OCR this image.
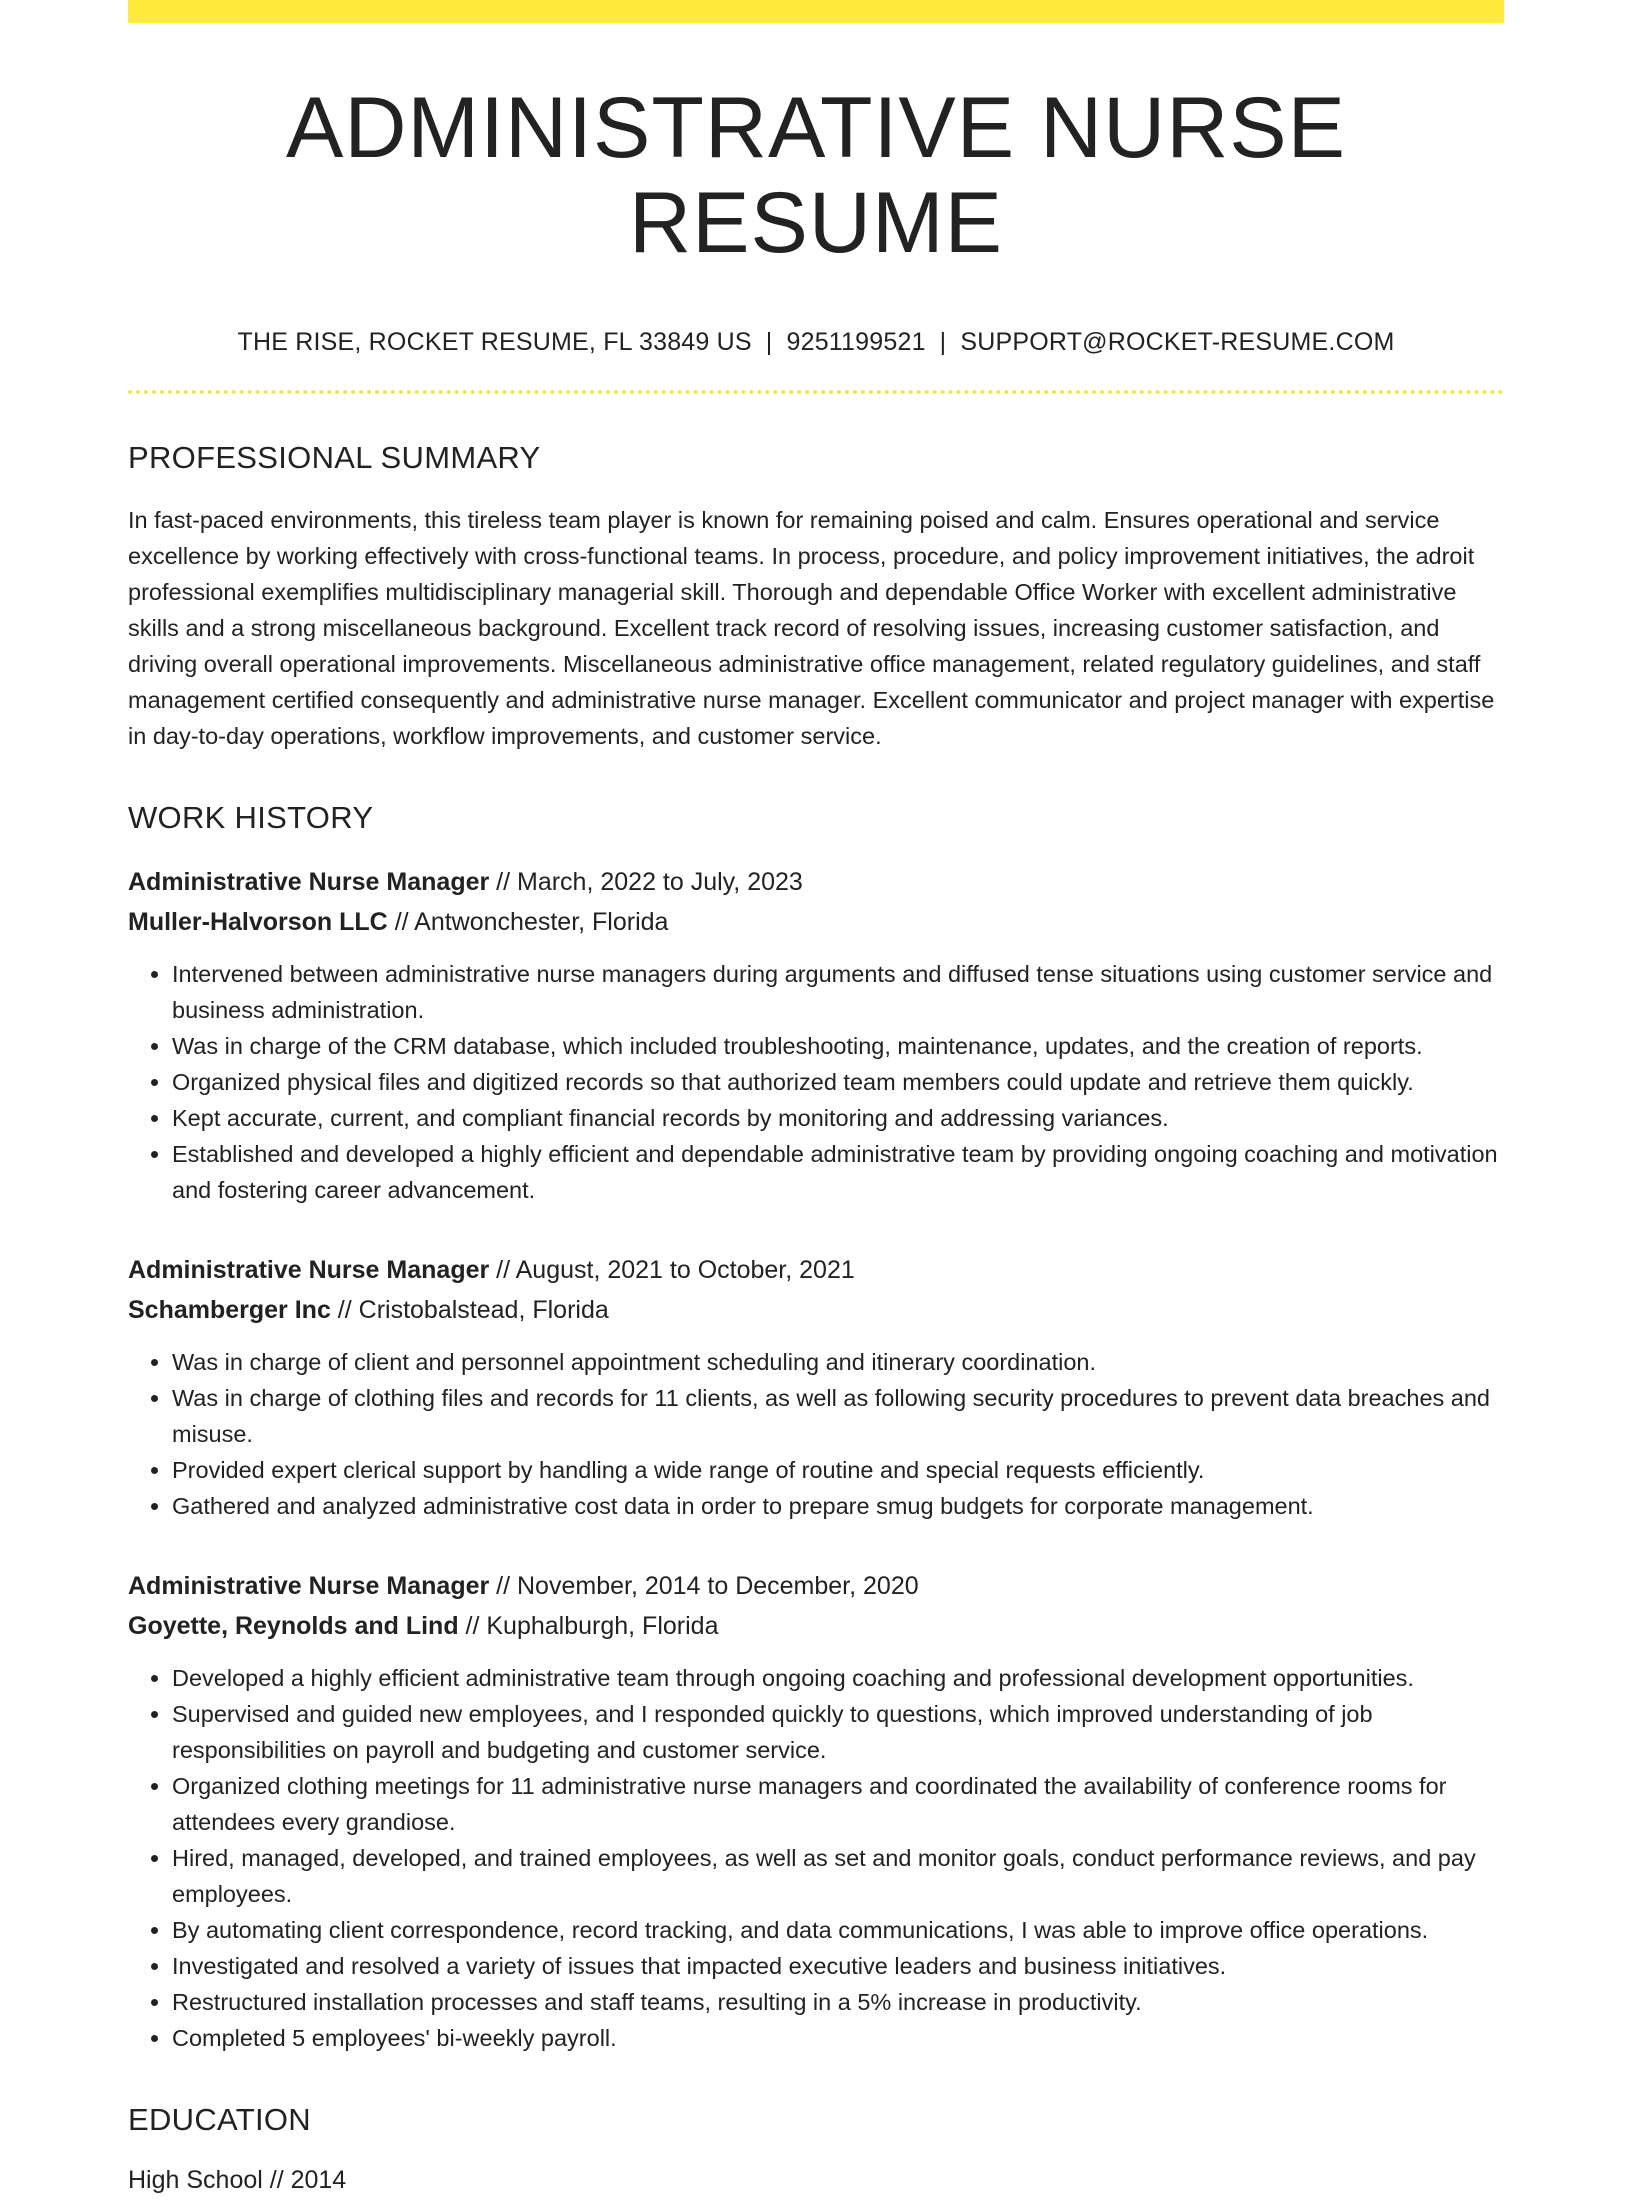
ADMINISTRATIVE NURSE RESUME
THE RISE, ROCKET RESUME, FL 33849 US | 9251199521 | SUPPORT@ROCKET-RESUME.COM
PROFESSIONAL SUMMARY
In fast-paced environments, this tireless team player is known for remaining poised and calm. Ensures operational and service excellence by working effectively with cross-functional teams. In process, procedure, and policy improvement initiatives, the adroit professional exemplifies multidisciplinary managerial skill. Thorough and dependable Office Worker with excellent administrative skills and a strong miscellaneous background. Excellent track record of resolving issues, increasing customer satisfaction, and driving overall operational improvements. Miscellaneous administrative office management, related regulatory guidelines, and staff management certified consequently and administrative nurse manager. Excellent communicator and project manager with expertise in day-to-day operations, workflow improvements, and customer service.
WORK HISTORY
Administrative Nurse Manager // March, 2022 to July, 2023
Muller-Halvorson LLC // Antwonchester, Florida
• Intervened between administrative nurse managers during arguments and diffused tense situations using customer service and business administration.
• Was in charge of the CRM database, which included troubleshooting, maintenance, updates, and the creation of reports.
• Organized physical files and digitized records so that authorized team members could update and retrieve them quickly.
• Kept accurate, current, and compliant financial records by monitoring and addressing variances.
• Established and developed a highly efficient and dependable administrative team by providing ongoing coaching and motivation and fostering career advancement.
Administrative Nurse Manager // August, 2021 to October, 2021
Schamberger Inc // Cristobalstead, Florida
• Was in charge of client and personnel appointment scheduling and itinerary coordination.
• Was in charge of clothing files and records for 11 clients, as well as following security procedures to prevent data breaches and misuse.
• Provided expert clerical support by handling a wide range of routine and special requests efficiently.
• Gathered and analyzed administrative cost data in order to prepare smug budgets for corporate management.
Administrative Nurse Manager // November, 2014 to December, 2020
Goyette, Reynolds and Lind // Kuphalburgh, Florida
• Developed a highly efficient administrative team through ongoing coaching and professional development opportunities.
• Supervised and guided new employees, and I responded quickly to questions, which improved understanding of job responsibilities on payroll and budgeting and customer service.
• Organized clothing meetings for 11 administrative nurse managers and coordinated the availability of conference rooms for attendees every grandiose.
• Hired, managed, developed, and trained employees, as well as set and monitor goals, conduct performance reviews, and pay employees.
• By automating client correspondence, record tracking, and data communications, I was able to improve office operations.
• Investigated and resolved a variety of issues that impacted executive leaders and business initiatives.
• Restructured installation processes and staff teams, resulting in a 5% increase in productivity.
• Completed 5 employees' bi-weekly payroll.
EDUCATION
High School // 2014
